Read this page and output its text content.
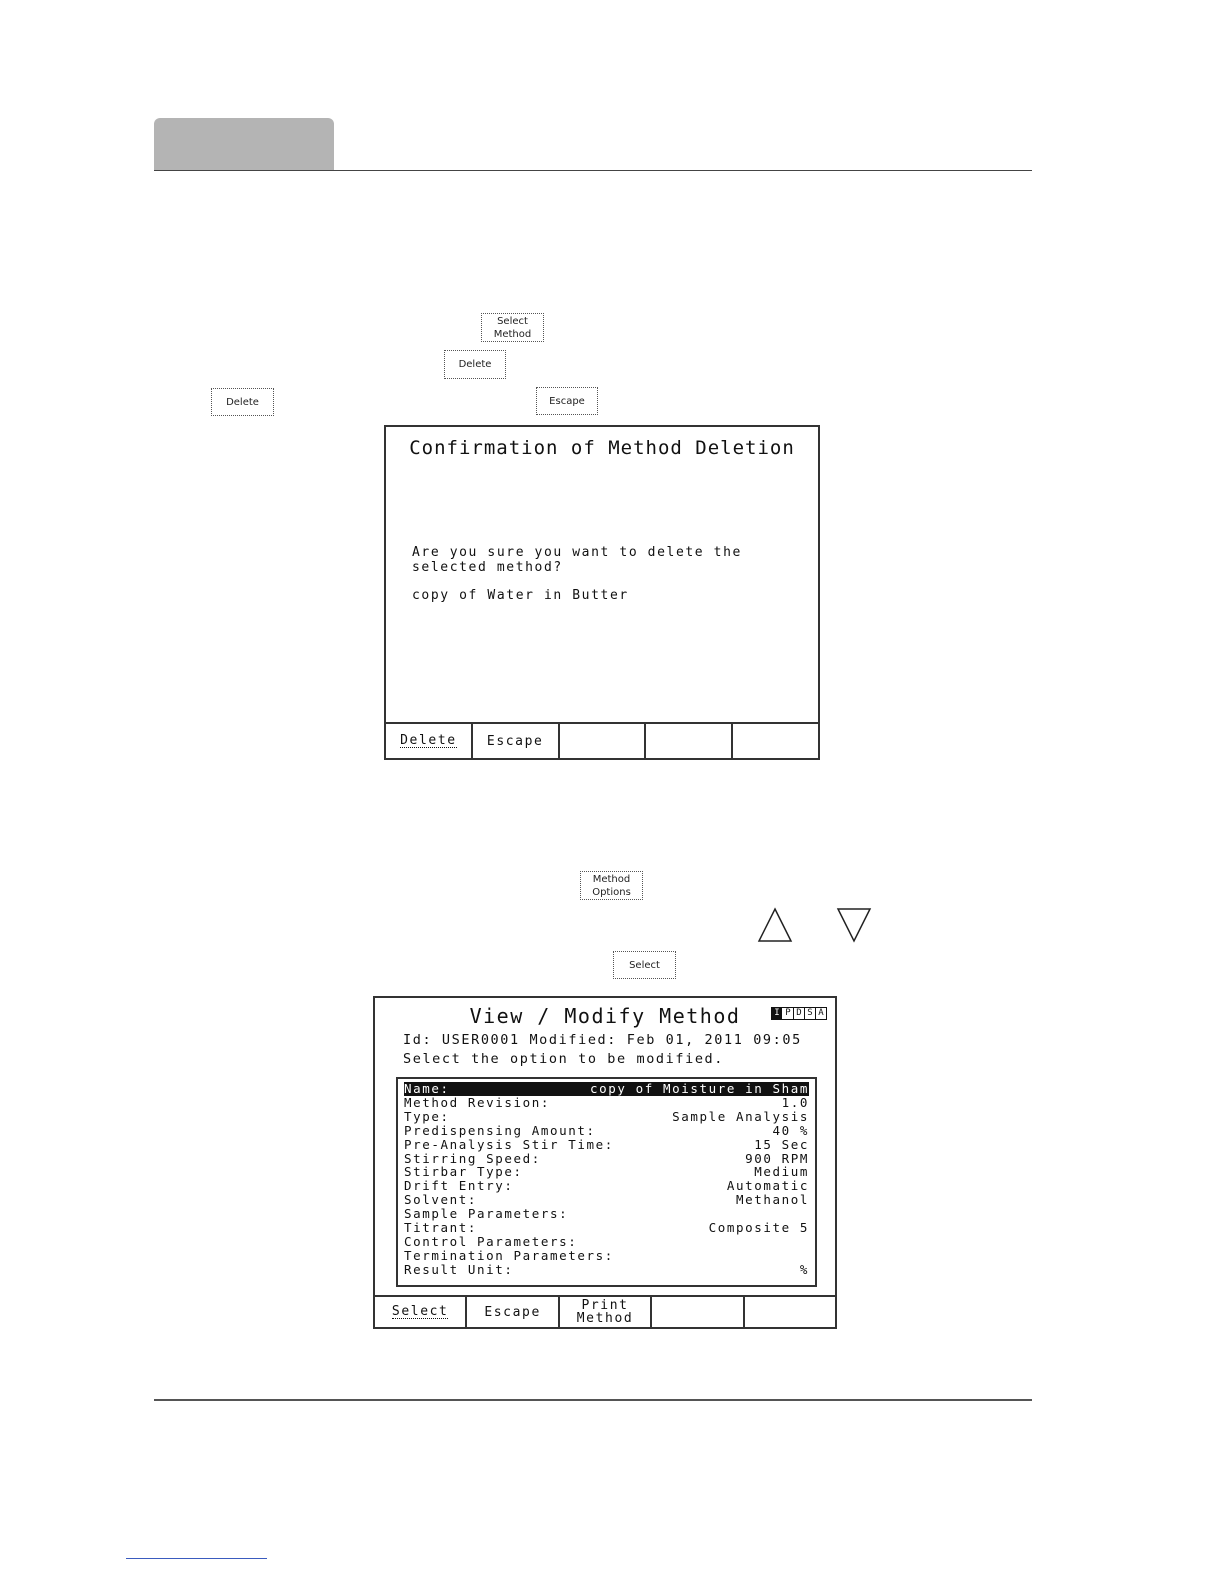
Select
Method
Delete
Delete	Escape
Confirmation of Method Deletion
Are you sure you want to delete the
selected method?
copy of Water in Butter
Delete	Escape
Method
Options
Select
View / Modify Method	I P D S A
Id: USER0001 Modified: Feb 01, 2011 09:05
Select the option to be modified.
Name:	copy of Moisture in Sham
Method Revision:	1.0
Type:	Sample Analysis
Predispensing Amount:	40 %
Pre-Analysis Stir Time:	15 Sec
Stirring Speed:	900 RPM
Stirbar Type:	Medium
Drift Entry:	Automatic
Solvent:	Methanol
Sample Parameters:
Titrant:	Composite 5
Control Parameters:
Termination Parameters:
Result Unit:	%
Select	Escape	Print
Method
